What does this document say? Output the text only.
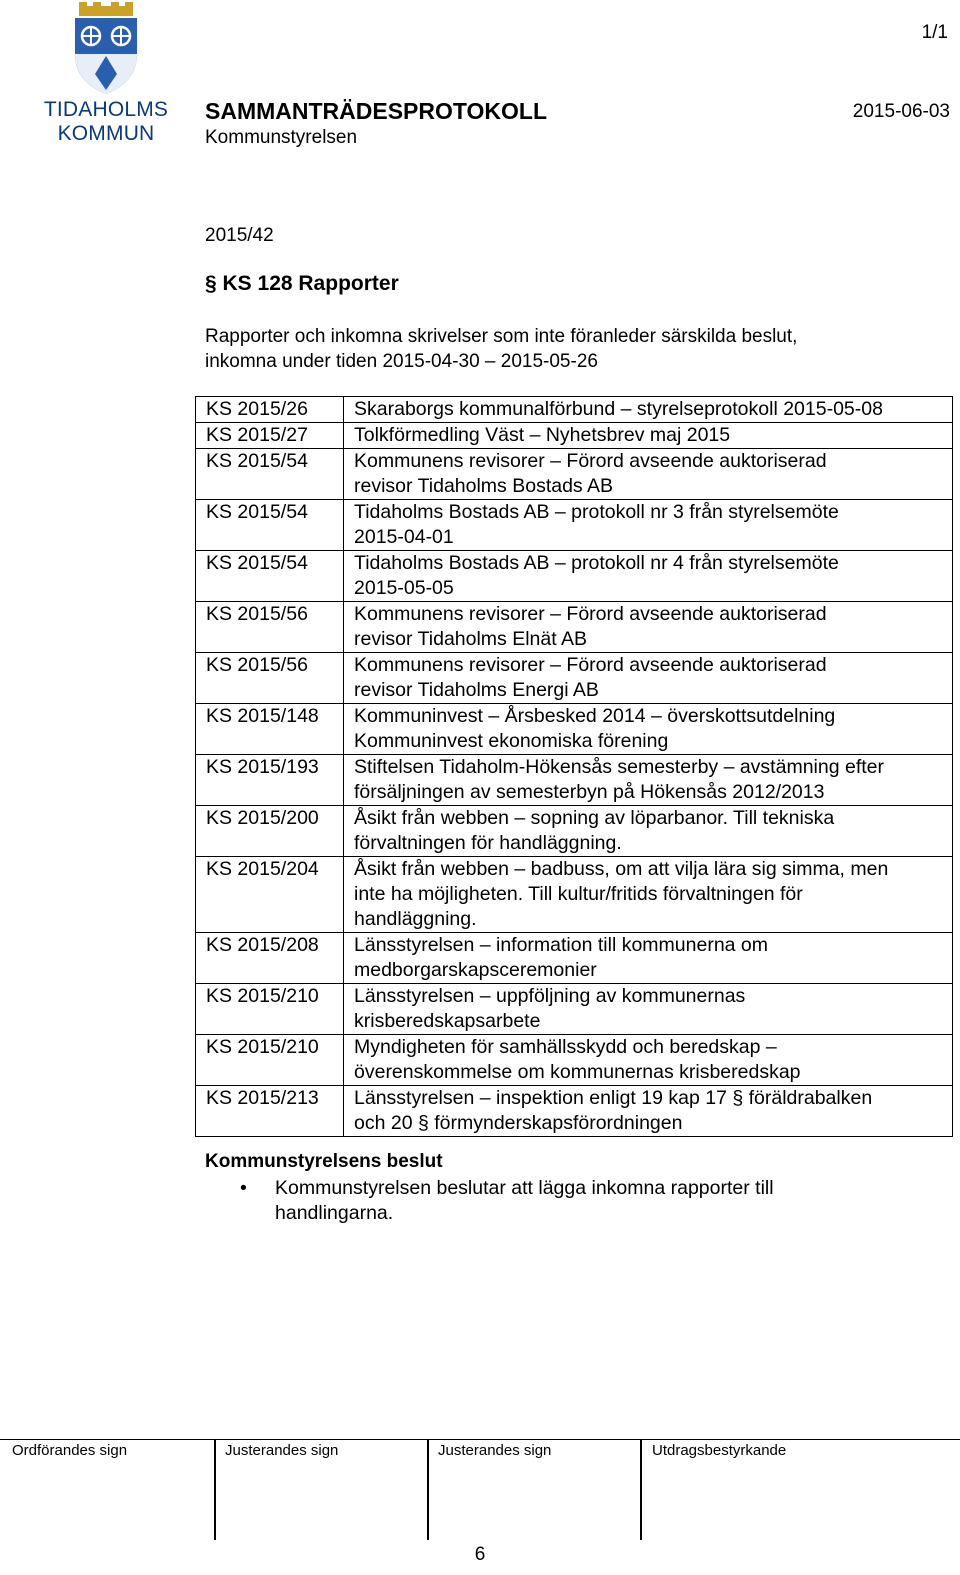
TIDAHOLMS
KOMMUN
1/1
SAMMANTRÄDESPROTOKOLL	2015-06-03
Kommunstyrelsen
2015/42
§ KS 128 Rapporter
Rapporter och inkomna skrivelser som inte föranleder särskilda beslut,
inkomna under tiden 2015-04-30 – 2015-05-26
KS 2015/26	Skaraborgs kommunalförbund – styrelseprotokoll 2015-05-08

KS 2015/27	Tolkförmedling Väst – Nyhetsbrev maj 2015

KS 2015/54	Kommunens revisorer – Förord avseende auktoriserad
revisor Tidaholms Bostads AB

KS 2015/54	Tidaholms Bostads AB – protokoll nr 3 från styrelsemöte
2015-04-01

KS 2015/54	Tidaholms Bostads AB – protokoll nr 4 från styrelsemöte
2015-05-05

KS 2015/56	Kommunens revisorer – Förord avseende auktoriserad
revisor Tidaholms Elnät AB

KS 2015/56	Kommunens revisorer – Förord avseende auktoriserad
revisor Tidaholms Energi AB

KS 2015/148	Kommuninvest – Årsbesked 2014 – överskottsutdelning
Kommuninvest ekonomiska förening

KS 2015/193	Stiftelsen Tidaholm-Hökensås semesterby – avstämning efter
försäljningen av semesterbyn på Hökensås 2012/2013

KS 2015/200	Åsikt från webben – sopning av löparbanor. Till tekniska
förvaltningen för handläggning.

KS 2015/204	Åsikt från webben – badbuss, om att vilja lära sig simma, men
inte ha möjligheten. Till kultur/fritids förvaltningen för
handläggning.

KS 2015/208	Länsstyrelsen – information till kommunerna om
medborgarskapsceremonier

KS 2015/210	Länsstyrelsen – uppföljning av kommunernas
krisberedskapsarbete

KS 2015/210	Myndigheten för samhällsskydd och beredskap –
överenskommelse om kommunernas krisberedskap

KS 2015/213	Länsstyrelsen – inspektion enligt 19 kap 17 § föräldrabalken
och 20 § förmynderskapsförordningen
Kommunstyrelsens beslut
• Kommunstyrelsen beslutar att lägga inkomna rapporter till
handlingarna.
Ordförandes sign	Justerandes sign	Justerandes sign	Utdragsbestyrkande
6
